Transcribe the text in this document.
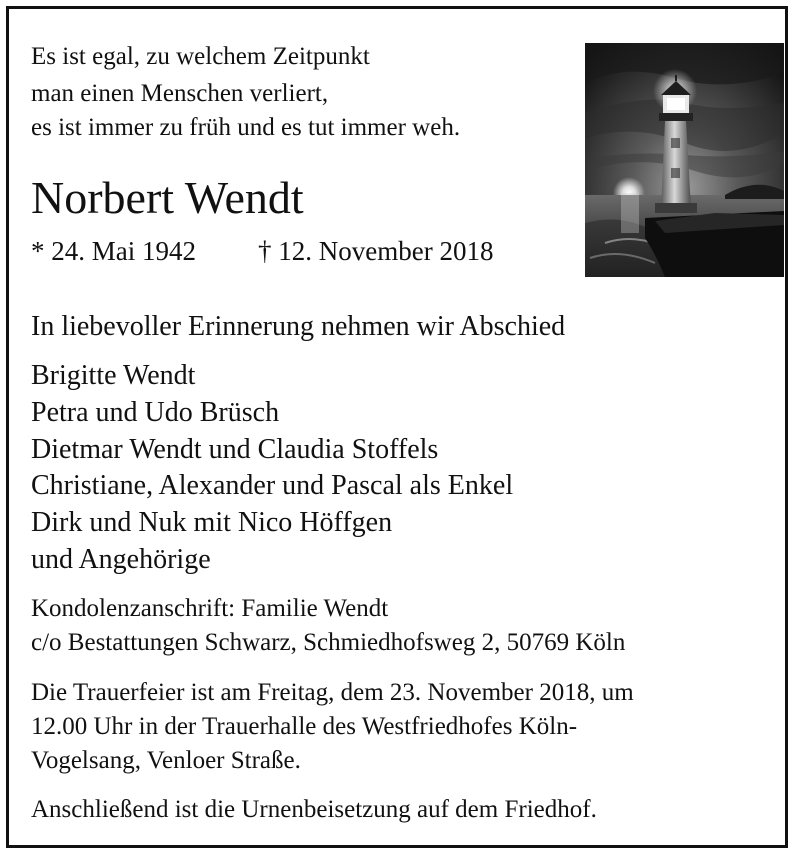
Es ist egal, zu welchem Zeitpunkt
man einen Menschen verliert,
es ist immer zu früh und es tut immer weh.
Norbert Wendt
* 24. Mai 1942 † 12. November 2018
In liebevoller Erinnerung nehmen wir Abschied
Brigitte Wendt
Petra und Udo Brüsch
Dietmar Wendt und Claudia Stoffels
Christiane, Alexander und Pascal als Enkel
Dirk und Nuk mit Nico Höffgen
und Angehörige
Kondolenzanschrift: Familie Wendt
c/o Bestattungen Schwarz, Schmiedhofsweg 2, 50769 Köln
Die Trauerfeier ist am Freitag, dem 23. November 2018, um
12.00 Uhr in der Trauerhalle des Westfriedhofes Köln-
Vogelsang, Venloer Straße.
Anschließend ist die Urnenbeisetzung auf dem Friedhof.
